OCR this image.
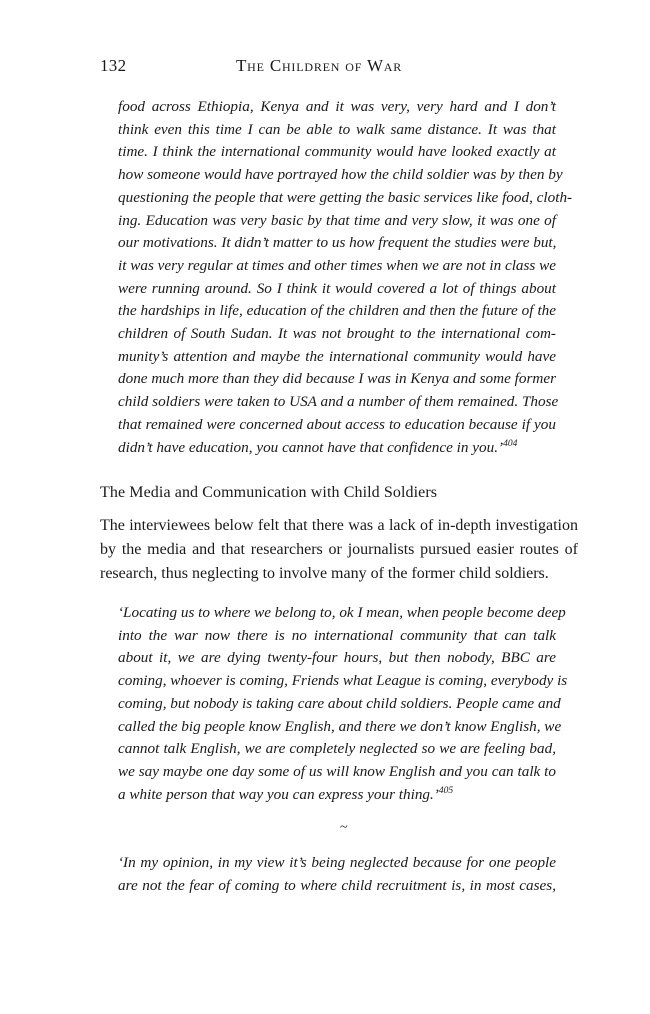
132	The Children of War
food across Ethiopia, Kenya and it was very, very hard and I don’t
think even this time I can be able to walk same distance. It was that
time. I think the international community would have looked exactly at
how someone would have portrayed how the child soldier was by then by
questioning the people that were getting the basic services like food, cloth-
ing. Education was very basic by that time and very slow, it was one of
our motivations. It didn’t matter to us how frequent the studies were but,
it was very regular at times and other times when we are not in class we
were running around. So I think it would covered a lot of things about
the hardships in life, education of the children and then the future of the
children of South Sudan. It was not brought to the international com-
munity’s attention and maybe the international community would have
done much more than they did because I was in Kenya and some former
child soldiers were taken to USA and a number of them remained. Those
that remained were concerned about access to education because if you
didn’t have education, you cannot have that confidence in you.’$^{404}$
The Media and Communication with Child Soldiers
The interviewees below felt that there was a lack of in-depth investigation
by the media and that researchers or journalists pursued easier routes of
research, thus neglecting to involve many of the former child soldiers.
‘Locating us to where we belong to, ok I mean, when people become deep
into the war now there is no international community that can talk
about it, we are dying twenty-four hours, but then nobody, BBC are
coming, whoever is coming, Friends what League is coming, everybody is
coming, but nobody is taking care about child soldiers. People came and
called the big people know English, and there we don’t know English, we
cannot talk English, we are completely neglected so we are feeling bad,
we say maybe one day some of us will know English and you can talk to
a white person that way you can express your thing.’$^{405}$
~
‘In my opinion, in my view it’s being neglected because for one people
are not the fear of coming to where child recruitment is, in most cases,
